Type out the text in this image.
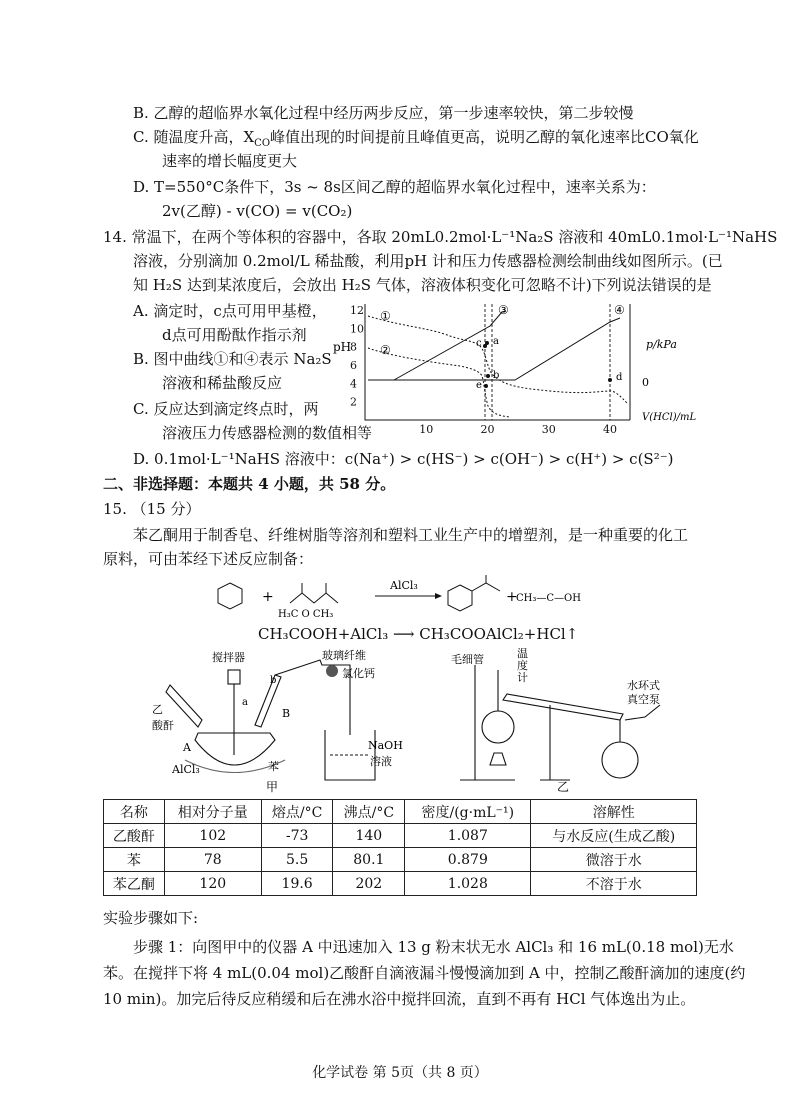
B. 乙醇的超临界水氧化过程中经历两步反应，第一步速率较快，第二步较慢
C. 随温度升高，$X_{CO}$峰值出现的时间提前且峰值更高，说明乙醇的氧化速率比CO氧化
速率的增长幅度更大
D. T=550°C条件下，3s ~ 8s区间乙醇的超临界水氧化过程中，速率关系为：
2v(乙醇) - v(CO) = v(CO₂)
14. 常温下，在两个等体积的容器中，各取 20mL0.2mol·L⁻¹Na₂S 溶液和 40mL0.1mol·L⁻¹NaHS
溶液，分别滴加 0.2mol/L 稀盐酸，利用pH 计和压力传感器检测绘制曲线如图所示。(已
知 H₂S 达到某浓度后，会放出 H₂S 气体，溶液体积变化可忽略不计)下列说法错误的是
A. 滴定时，c点可用甲基橙，
d点可用酚酞作指示剂
B. 图中曲线①和④表示 Na₂S
溶液和稀盐酸反应
C. 反应达到滴定终点时，两
溶液压力传感器检测的数值相等
D. 0.1mol·L⁻¹NaHS 溶液中：c(Na⁺) > c(HS⁻) > c(OH⁻) > c(H⁺) > c(S²⁻)
2
4
6
8
10
12
10	20	30	40
pH	p/kPa
0
V(HCl)/mL
①
②
③	④
a
b
c
d
e
二、非选择题：本题共 4 小题，共 58 分。
15. （15 分）
苯乙酮用于制香皂、纤维树脂等溶剂和塑料工业生产中的增塑剂，是一种重要的化工
原料，可由苯经下述反应制备：
+
H₃C O CH₃
AlCl₃
+
CH₃—C—OH
CH₃COOH+AlCl₃ ⟶ CH₃COOAlCl₂+HCl↑
搅拌器	玻璃纤维
氯化钙
乙
酸酐
A
a
b
B
AlCl₃	苯
NaOH
溶液
甲
毛细管	温
度
计
水环式
真空泵
乙
名称	相对分子量	熔点/°C	沸点/°C	密度/(g·mL⁻¹)	溶解性
乙酸酐	102	-73	140	1.087	与水反应(生成乙酸)
苯	78	5.5	80.1	0.879	微溶于水
苯乙酮	120	19.6	202	1.028	不溶于水
实验步骤如下:
步骤 1：向图甲中的仪器 A 中迅速加入 13 g 粉末状无水 AlCl₃ 和 16 mL(0.18 mol)无水
苯。在搅拌下将 4 mL(0.04 mol)乙酸酐自滴液漏斗慢慢滴加到 A 中，控制乙酸酐滴加的速度(约
10 min)。加完后待反应稍缓和后在沸水浴中搅拌回流，直到不再有 HCl 气体逸出为止。
化学试卷 第 5页（共 8 页）
